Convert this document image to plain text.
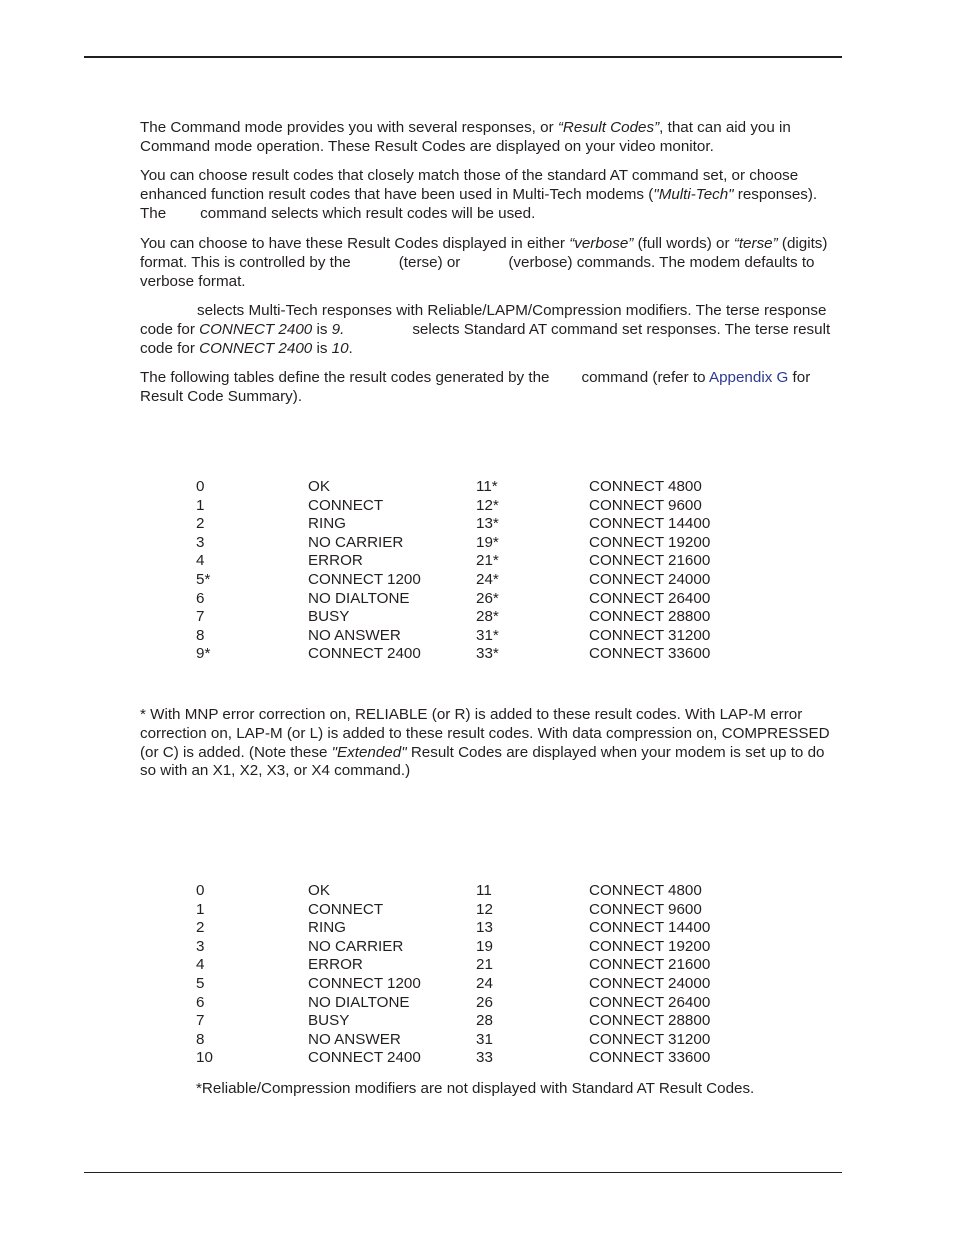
The Command mode provides you with several responses, or “Result Codes”, that can aid you in Command mode operation. These Result Codes are displayed on your video monitor.

You can choose result codes that closely match those of the standard AT command set, or choose enhanced function result codes that have been used in Multi-Tech modems ("Multi-Tech" responses). The command selects which result codes will be used.

You can choose to have these Result Codes displayed in either “verbose” (full words) or “terse” (digits) format. This is controlled by the	(terse) or	(verbose) commands. The modem defaults to verbose format.

selects Multi-Tech responses with Reliable/LAPM/Compression modifiers. The terse response code for CONNECT 2400 is 9.	selects Standard AT command set responses. The terse result code for CONNECT 2400 is 10.

The following tables define the result codes generated by the command (refer to Appendix G for Result Code Summary).

0	OK	11*	CONNECT 4800
1	CONNECT	12*	CONNECT 9600
2	RING	13*	CONNECT 14400
3	NO CARRIER	19*	CONNECT 19200
4	ERROR	21*	CONNECT 21600
5*	CONNECT 1200	24*	CONNECT 24000
6	NO DIALTONE	26*	CONNECT 26400
7	BUSY	28*	CONNECT 28800
8	NO ANSWER	31*	CONNECT 31200
9*	CONNECT 2400	33*	CONNECT 33600

* With MNP error correction on, RELIABLE (or R) is added to these result codes. With LAP-M error correction on, LAP-M (or L) is added to these result codes. With data compression on, COMPRESSED (or C) is added. (Note these "Extended" Result Codes are displayed when your modem is set up to do so with an X1, X2, X3, or X4 command.)

0	OK	11	CONNECT 4800
1	CONNECT	12	CONNECT 9600
2	RING	13	CONNECT 14400
3	NO CARRIER	19	CONNECT 19200
4	ERROR	21	CONNECT 21600
5	CONNECT 1200	24	CONNECT 24000
6	NO DIALTONE	26	CONNECT 26400
7	BUSY	28	CONNECT 28800
8	NO ANSWER	31	CONNECT 31200
10	CONNECT 2400	33	CONNECT 33600

*Reliable/Compression modifiers are not displayed with Standard AT Result Codes.
